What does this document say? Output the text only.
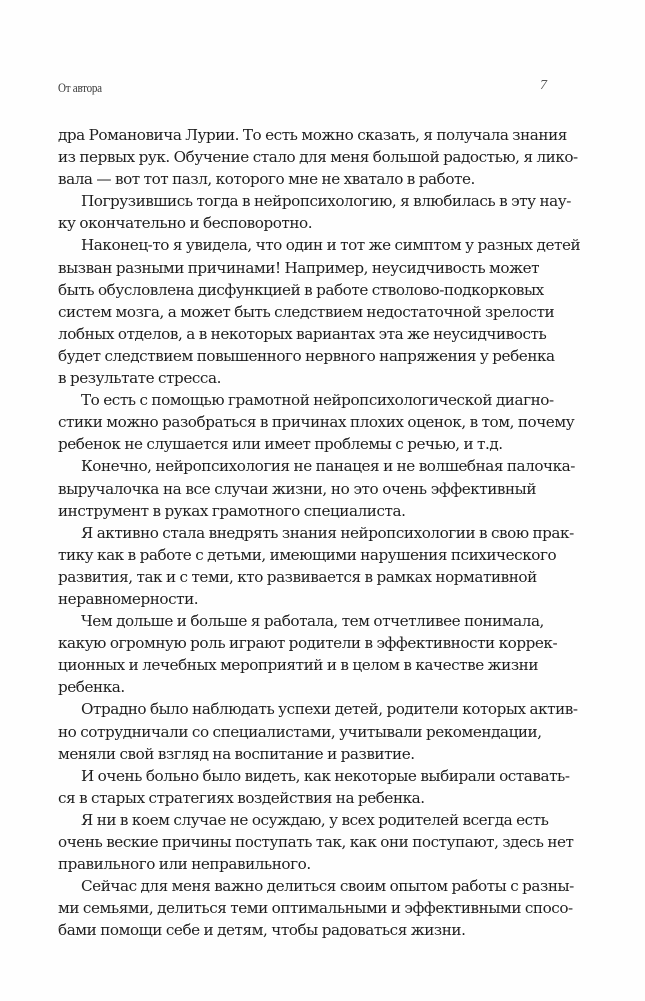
От автора	7
дра Романовича Лурии. То есть можно сказать, я получала знания
из первых рук. Обучение стало для меня большой радостью, я лико-
вала — вот тот пазл, которого мне не хватало в работе.
Погрузившись тогда в нейропсихологию, я влюбилась в эту нау-
ку окончательно и бесповоротно.
Наконец-то я увидела, что один и тот же симптом у разных детей
вызван разными причинами! Например, неусидчивость может
быть обусловлена дисфункцией в работе стволово-подкорковых
систем мозга, а может быть следствием недостаточной зрелости
лобных отделов, а в некоторых вариантах эта же неусидчивость
будет следствием повышенного нервного напряжения у ребенка
в результате стресса.
То есть с помощью грамотной нейропсихологической диагно-
стики можно разобраться в причинах плохих оценок, в том, почему
ребенок не слушается или имеет проблемы с речью, и т.д.
Конечно, нейропсихология не панацея и не волшебная палочка-
выручалочка на все случаи жизни, но это очень эффективный
инструмент в руках грамотного специалиста.
Я активно стала внедрять знания нейропсихологии в свою прак-
тику как в работе с детьми, имеющими нарушения психического
развития, так и с теми, кто развивается в рамках нормативной
неравномерности.
Чем дольше и больше я работала, тем отчетливее понимала,
какую огромную роль играют родители в эффективности коррек-
ционных и лечебных мероприятий и в целом в качестве жизни
ребенка.
Отрадно было наблюдать успехи детей, родители которых актив-
но сотрудничали со специалистами, учитывали рекомендации,
меняли свой взгляд на воспитание и развитие.
И очень больно было видеть, как некоторые выбирали оставать-
ся в старых стратегиях воздействия на ребенка.
Я ни в коем случае не осуждаю, у всех родителей всегда есть
очень веские причины поступать так, как они поступают, здесь нет
правильного или неправильного.
Сейчас для меня важно делиться своим опытом работы с разны-
ми семьями, делиться теми оптимальными и эффективными спосо-
бами помощи себе и детям, чтобы радоваться жизни.
